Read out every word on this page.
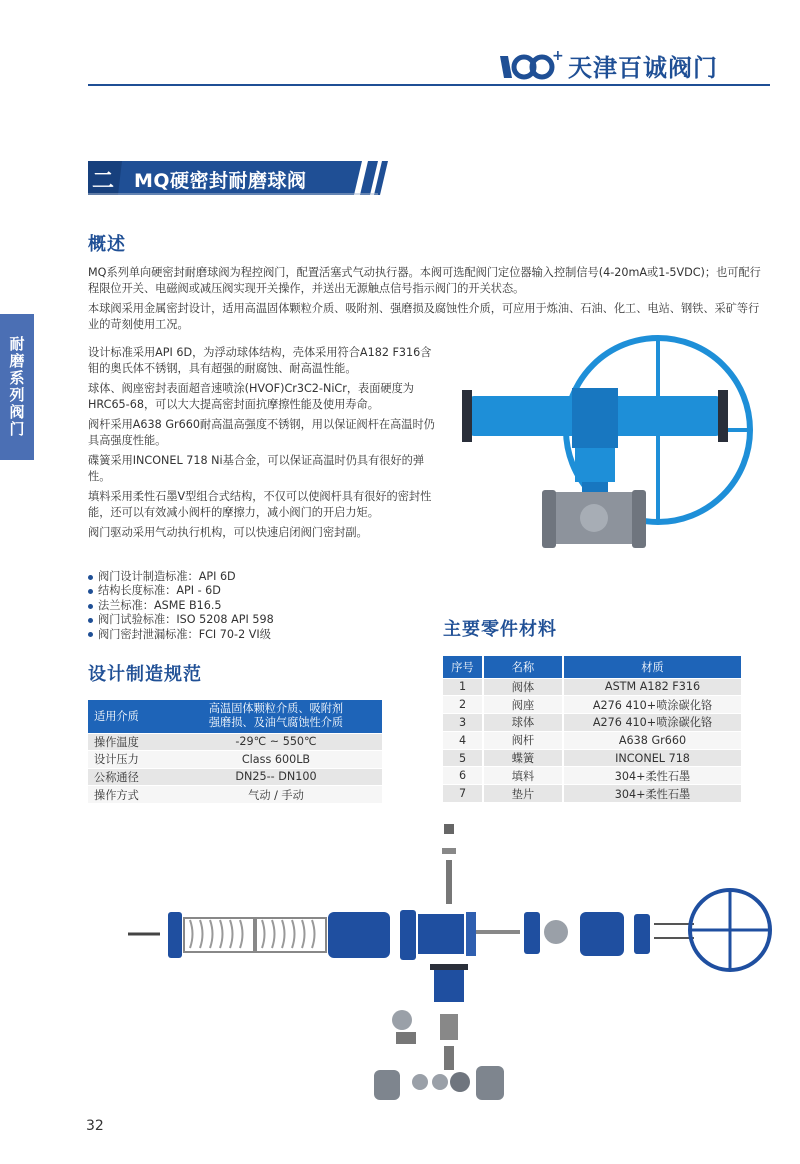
+ 天津百诚阀门
耐磨系列阀门
二 MQ硬密封耐磨球阀
概述

MQ系列单向硬密封耐磨球阀为程控阀门，配置活塞式气动执行器。本阀可选配阀门定位器输入控制信号(4-20mA或1-5VDC)；也可配行程限位开关、电磁阀或减压阀实现开关操作，并送出无源触点信号指示阀门的开关状态。

本球阀采用金属密封设计，适用高温固体颗粒介质、吸附剂、强磨损及腐蚀性介质，可应用于炼油、石油、化工、电站、钢铁、采矿等行业的苛刻使用工况。

设计标准采用API 6D，为浮动球体结构，壳体采用符合A182 F316含钼的奥氏体不锈钢，具有超强的耐腐蚀、耐高温性能。

球体、阀座密封表面超音速喷涂(HVOF)Cr3C2-NiCr，表面硬度为HRC65-68，可以大大提高密封面抗摩擦性能及使用寿命。

阀杆采用A638 Gr660耐高温高强度不锈钢，用以保证阀杆在高温时仍具高强度性能。

碟簧采用INCONEL 718 Ni基合金，可以保证高温时仍具有很好的弹性。

填料采用柔性石墨V型组合式结构，不仅可以使阀杆具有很好的密封性能，还可以有效减小阀杆的摩擦力，减小阀门的开启力矩。

阀门驱动采用气动执行机构，可以快速启闭阀门密封副。

阀门设计制造标准：API 6D
结构长度标准：API - 6D
法兰标准：ASME B16.5
阀门试验标准：ISO 5208 API 598
阀门密封泄漏标准：FCI 70-2 VI级
设计制造规范
适用介质	高温固体颗粒介质、吸附剂
强磨损、及油气腐蚀性介质
操作温度	-29℃ ~ 550℃
设计压力	Class 600LB
公称通径	DN25-- DN100
操作方式	气动 / 手动
主要零件材料
序号	名称	材质
1	阀体	ASTM A182 F316
2	阀座	A276 410+喷涂碳化铬
3	球体	A276 410+喷涂碳化铬
4	阀杆	A638 Gr660
5	蝶簧	INCONEL 718
6	填料	304+柔性石墨
7	垫片	304+柔性石墨
32
